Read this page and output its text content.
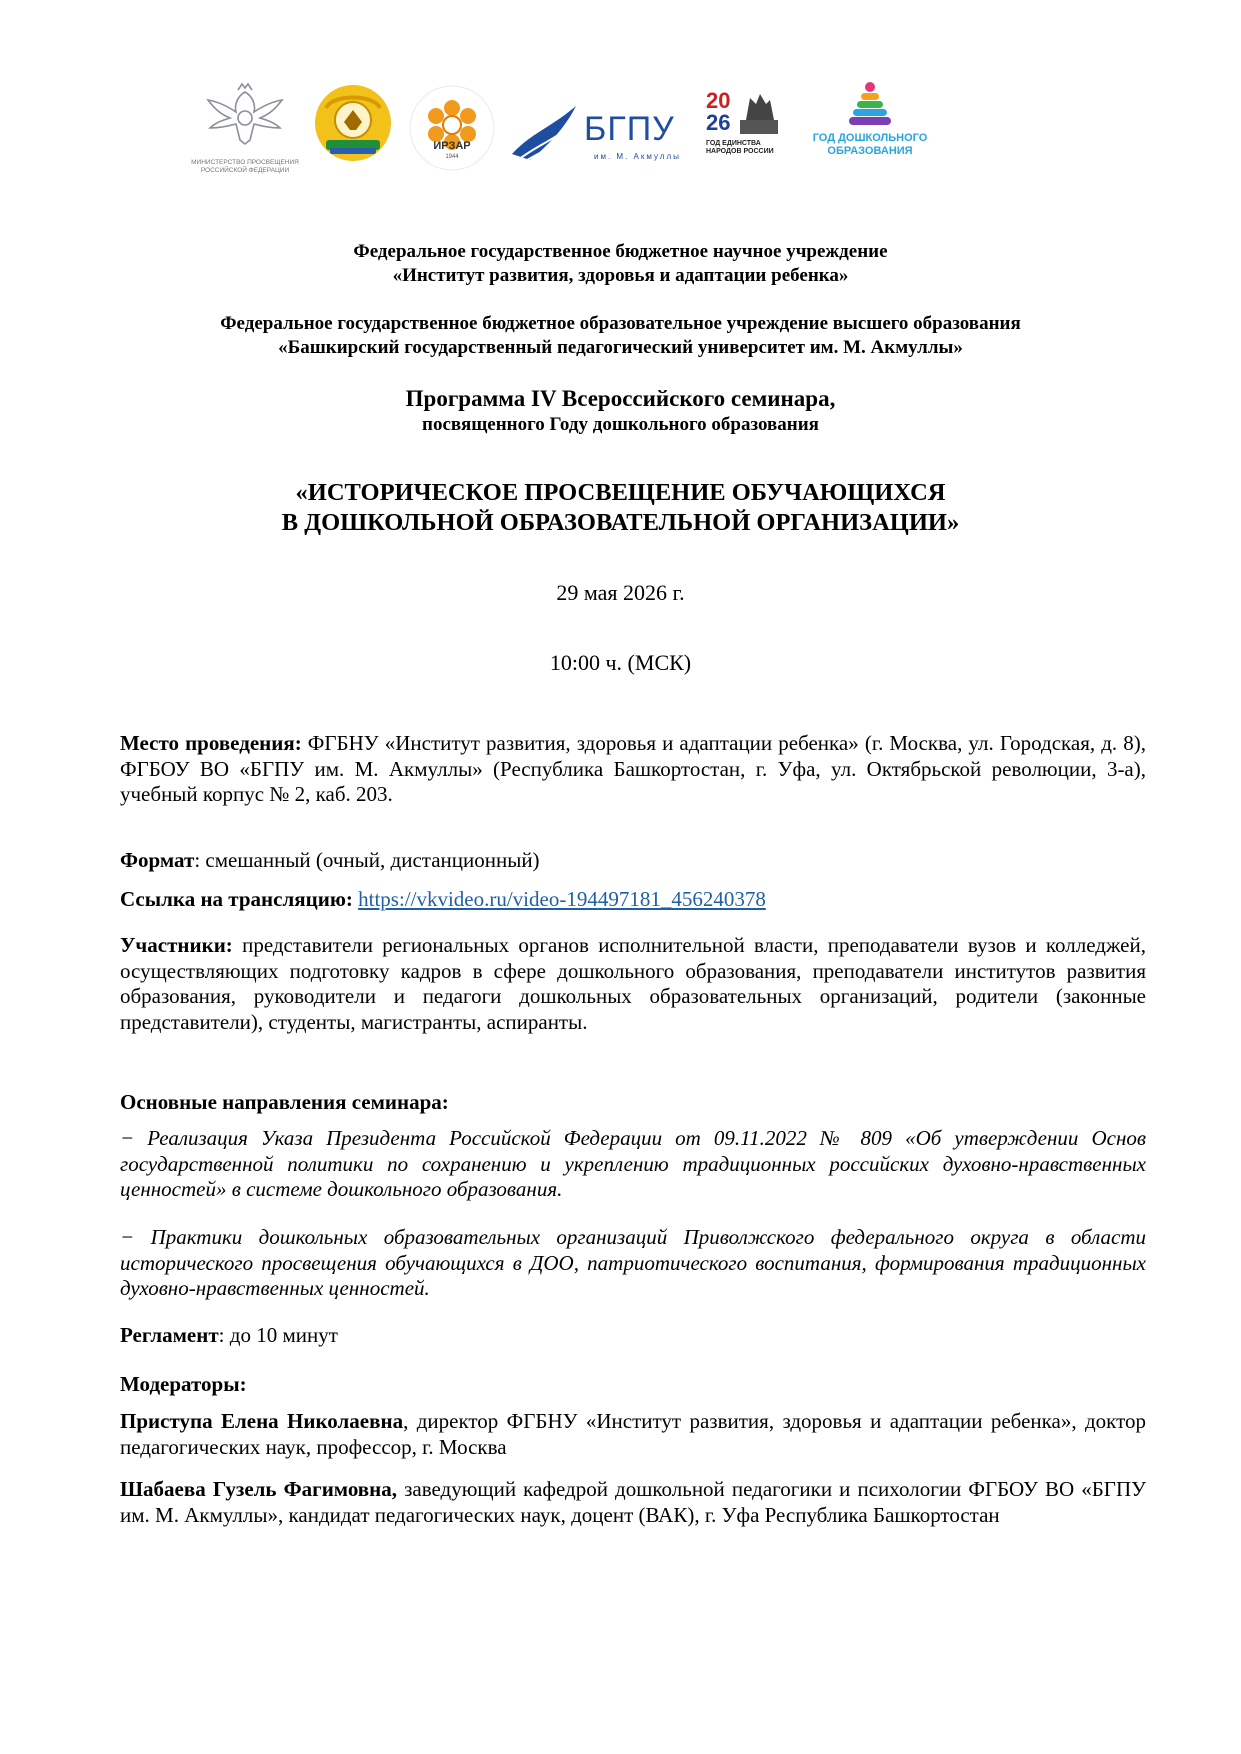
МИНИСТЕРСТВО ПРОСВЕЩЕНИЯ
РОССИЙСКОЙ ФЕДЕРАЦИИ
ИРЗАР
1944
БГПУ
им. М. Акмуллы
20
26
ГОД ЕДИНСТВА
НАРОДОВ РОССИИ
ГОД ДОШКОЛЬНОГО
ОБРАЗОВАНИЯ
Федеральное государственное бюджетное научное учреждение
«Институт развития, здоровья и адаптации ребенка»
Федеральное государственное бюджетное образовательное учреждение высшего образования
«Башкирский государственный педагогический университет им. М. Акмуллы»
Программа IV Всероссийского семинара,
посвященного Году дошкольного образования
«ИСТОРИЧЕСКОЕ ПРОСВЕЩЕНИЕ ОБУЧАЮЩИХСЯ
В ДОШКОЛЬНОЙ ОБРАЗОВАТЕЛЬНОЙ ОРГАНИЗАЦИИ»
29 мая 2026 г.
10:00 ч. (МСК)
Место проведения: ФГБНУ «Институт развития, здоровья и адаптации ребенка» (г. Москва, ул. Городская, д. 8), ФГБОУ ВО «БГПУ им. М. Акмуллы» (Республика Башкортостан, г. Уфа, ул. Октябрьской революции, 3-а), учебный корпус № 2, каб. 203.
Формат: смешанный (очный, дистанционный)
Ссылка на трансляцию: https://vkvideo.ru/video-194497181_456240378
Участники: представители региональных органов исполнительной власти, преподаватели вузов и колледжей, осуществляющих подготовку кадров в сфере дошкольного образования, преподаватели институтов развития образования, руководители и педагоги дошкольных образовательных организаций, родители (законные представители), студенты, магистранты, аспиранты.
Основные направления семинара:
− Реализация Указа Президента Российской Федерации от 09.11.2022 № 809 «Об утверждении Основ государственной политики по сохранению и укреплению традиционных российских духовно-нравственных ценностей» в системе дошкольного образования.
− Практики дошкольных образовательных организаций Приволжского федерального округа в области исторического просвещения обучающихся в ДОО, патриотического воспитания, формирования традиционных духовно-нравственных ценностей.
Регламент: до 10 минут
Модераторы:
Приступа Елена Николаевна, директор ФГБНУ «Институт развития, здоровья и адаптации ребенка», доктор педагогических наук, профессор, г. Москва
Шабаева Гузель Фагимовна, заведующий кафедрой дошкольной педагогики и психологии ФГБОУ ВО «БГПУ им. М. Акмуллы», кандидат педагогических наук, доцент (ВАК), г. Уфа Республика Башкортостан
